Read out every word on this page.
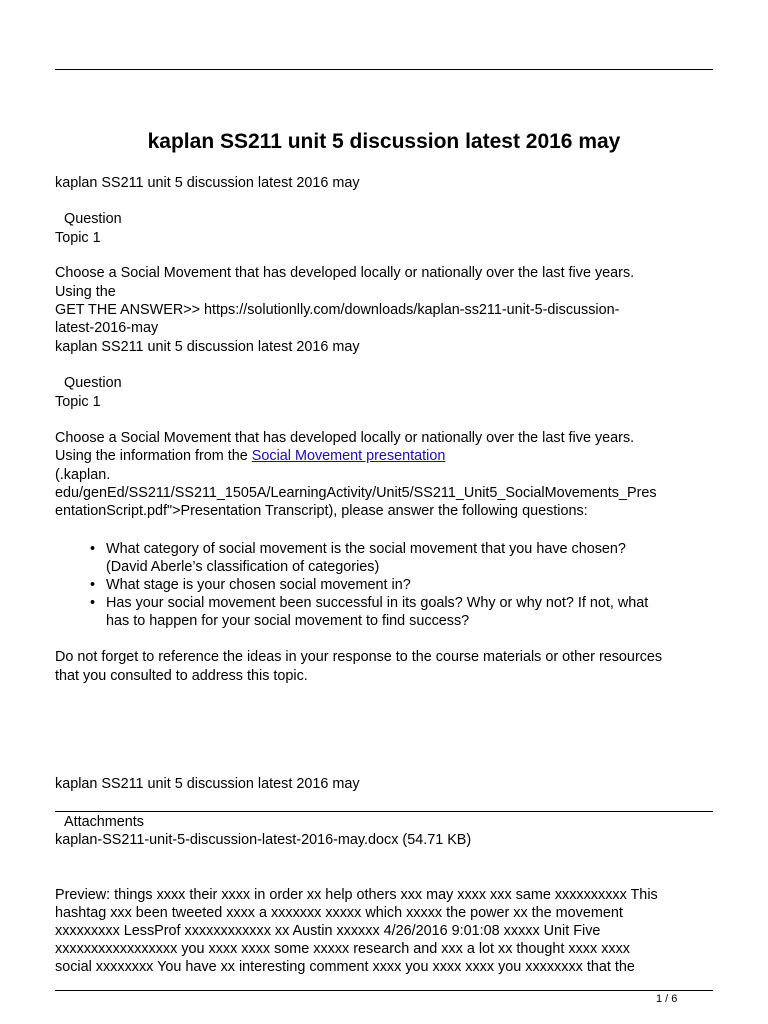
kaplan SS211 unit 5 discussion latest 2016 may
kaplan SS211 unit 5 discussion latest 2016 may
Question
Topic 1
Choose a Social Movement that has developed locally or nationally over the last five years.
Using the
GET THE ANSWER>> https://solutionlly.com/downloads/kaplan-ss211-unit-5-discussion-
latest-2016-may
kaplan SS211 unit 5 discussion latest 2016 may
Question
Topic 1
Choose a Social Movement that has developed locally or nationally over the last five years.
Using the information from the Social Movement presentation
(.kaplan.
edu/genEd/SS211/SS211_1505A/LearningActivity/Unit5/SS211_Unit5_SocialMovements_Pres
entationScript.pdf">Presentation Transcript), please answer the following questions:
• What category of social movement is the social movement that you have chosen?
(David Aberle’s classification of categories)
• What stage is your chosen social movement in?
• Has your social movement been successful in its goals? Why or why not? If not, what
has to happen for your social movement to find success?
Do not forget to reference the ideas in your response to the course materials or other resources
that you consulted to address this topic.
kaplan SS211 unit 5 discussion latest 2016 may
Attachments
kaplan-SS211-unit-5-discussion-latest-2016-may.docx (54.71 KB)
Preview: things xxxx their xxxx in order xx help others xxx may xxxx xxx same xxxxxxxxxx This
hashtag xxx been tweeted xxxx a xxxxxxx xxxxx which xxxxx the power xx the movement
xxxxxxxxx LessProf xxxxxxxxxxxx xx Austin xxxxxx 4/26/2016 9:01:08 xxxxx Unit Five
xxxxxxxxxxxxxxxxx you xxxx xxxx some xxxxx research and xxx a lot xx thought xxxx xxxx
social xxxxxxxx You have xx interesting comment xxxx you xxxx xxxx you xxxxxxxx that the
1 / 6
